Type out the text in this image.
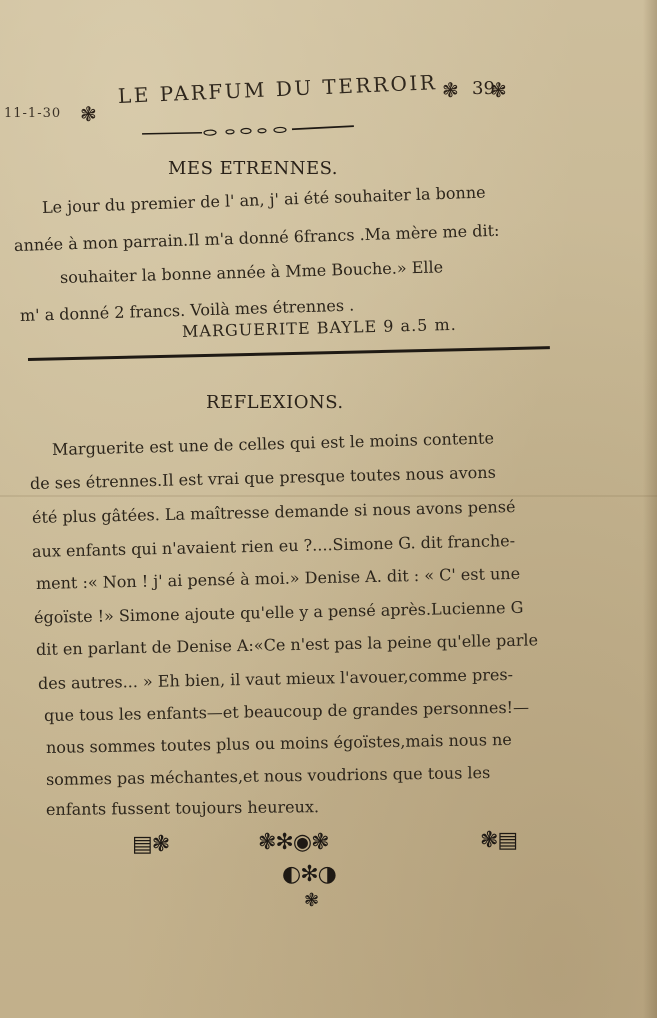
11-1-30 ❃
LE PARFUM DU TERROIR ❃ 39
❃
MES ETRENNES.
Le jour du premier de l' an, j' ai été souhaiter la bonne
année à mon parrain.Il m'a donné 6francs .Ma mère me dit:
souhaiter la bonne année à Mme Bouche.» Elle
m' a donné 2 francs. Voilà mes étrennes .
MARGUERITE BAYLE 9 a.5 m.
REFLEXIONS.
Marguerite est une de celles qui est le moins contente
de ses étrennes.Il est vrai que presque toutes nous avons
été plus gâtées. La maîtresse demande si nous avons pensé
aux enfants qui n'avaient rien eu ?....Simone G. dit franche-
ment :« Non ! j' ai pensé à moi.» Denise A. dit : « C' est une
égoïste !» Simone ajoute qu'elle y a pensé après.Lucienne G
dit en parlant de Denise A:«Ce n'est pas la peine qu'elle parle
des autres... » Eh bien, il vaut mieux l'avouer,comme pres-
que tous les enfants—et beaucoup de grandes personnes!—
nous sommes toutes plus ou moins égoïstes,mais nous ne
sommes pas méchantes,et nous voudrions que tous les
enfants fussent toujours heureux.
▤❃	❃✻◉❃	❃▤
◐✻◑
❃
